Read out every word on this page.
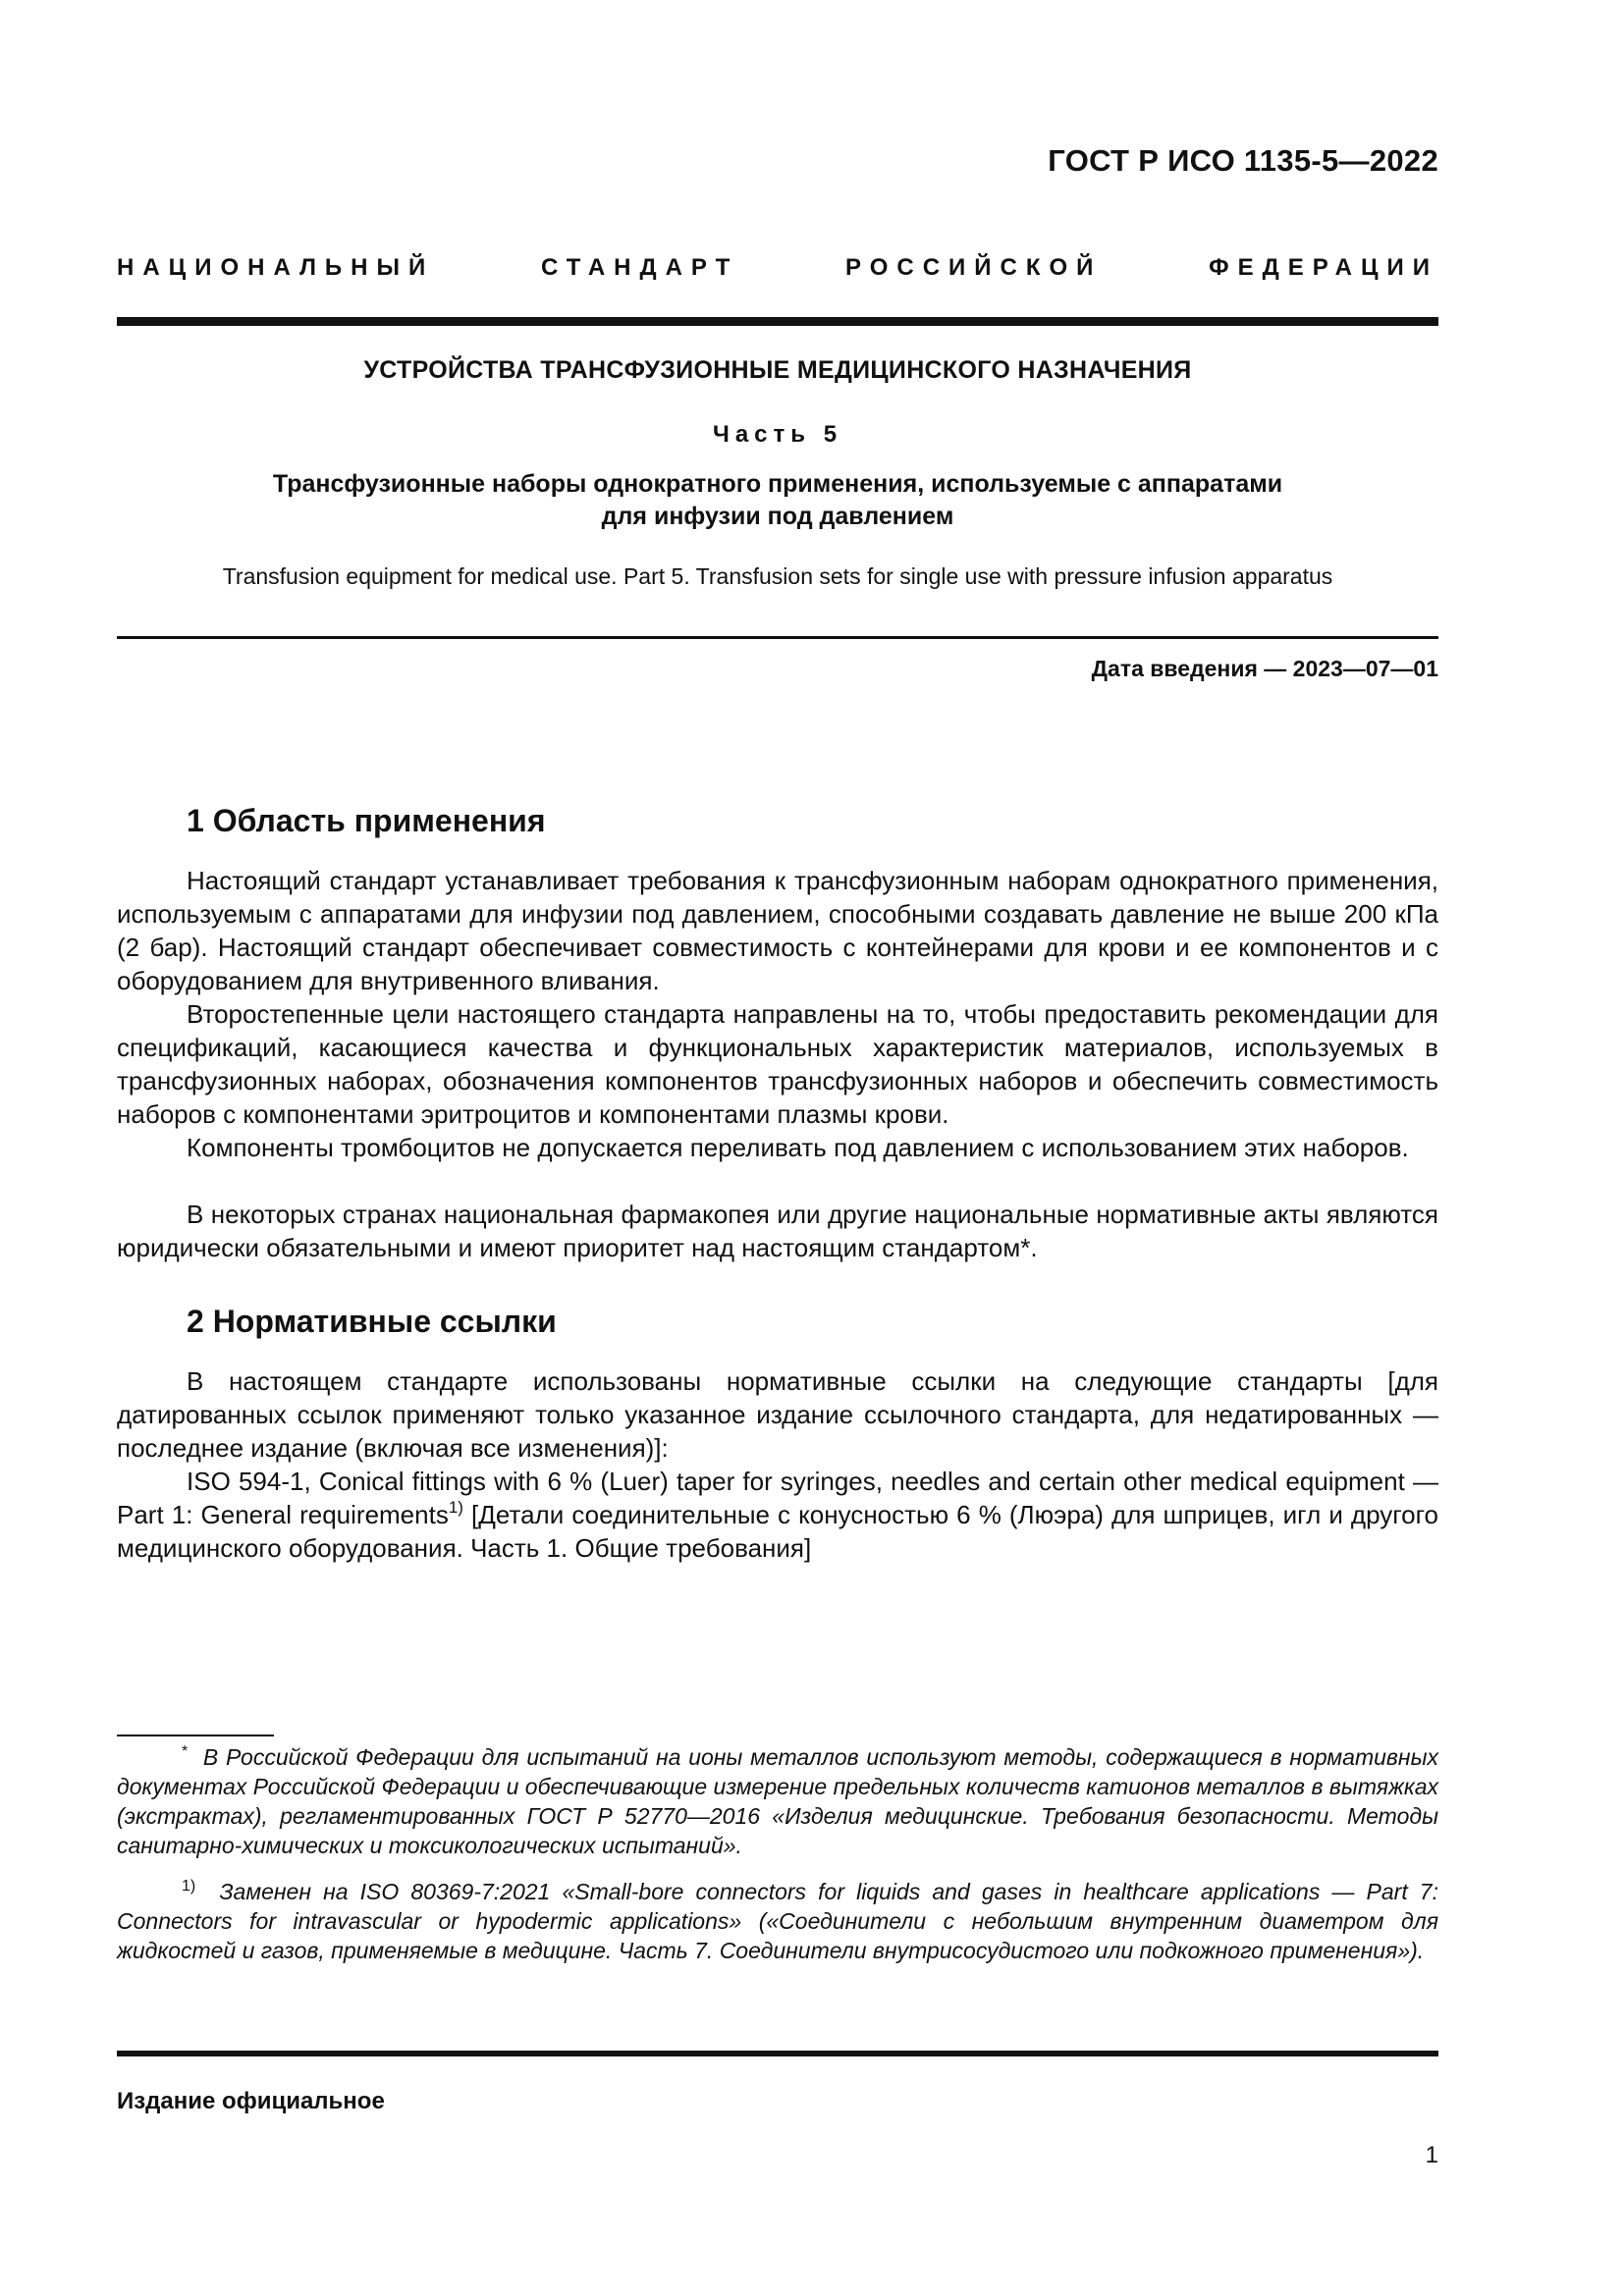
ГОСТ Р ИСО 1135-5—2022
НАЦИОНАЛЬНЫЙ СТАНДАРТ РОССИЙСКОЙ ФЕДЕРАЦИИ
УСТРОЙСТВА ТРАНСФУЗИОННЫЕ МЕДИЦИНСКОГО НАЗНАЧЕНИЯ
Часть 5
Трансфузионные наборы однократного применения, используемые с аппаратами
для инфузии под давлением
Transfusion equipment for medical use. Part 5. Transfusion sets for single use with pressure infusion apparatus
Дата введения — 2023—07—01
1 Область применения

Настоящий стандарт устанавливает требования к трансфузионным наборам однократного применения, используемым с аппаратами для инфузии под давлением, способными создавать давление не выше 200 кПа (2 бар). Настоящий стандарт обеспечивает совместимость с контейнерами для крови и ее компонентов и с оборудованием для внутривенного вливания.

Второстепенные цели настоящего стандарта направлены на то, чтобы предоставить рекомендации для спецификаций, касающиеся качества и функциональных характеристик материалов, используемых в трансфузионных наборах, обозначения компонентов трансфузионных наборов и обеспечить совместимость наборов с компонентами эритроцитов и компонентами плазмы крови.

Компоненты тромбоцитов не допускается переливать под давлением с использованием этих наборов.

В некоторых странах национальная фармакопея или другие национальные нормативные акты являются юридически обязательными и имеют приоритет над настоящим стандартом*.

2 Нормативные ссылки

В настоящем стандарте использованы нормативные ссылки на следующие стандарты [для датированных ссылок применяют только указанное издание ссылочного стандарта, для недатированных — последнее издание (включая все изменения)]:

ISO 594-1, Conical fittings with 6 % (Luer) taper for syringes, needles and certain other medical equipment — Part 1: General requirements$^{1)}$ [Детали соединительные с конусностью 6 % (Люэра) для шприцев, игл и другого медицинского оборудования. Часть 1. Общие требования]

* В Российской Федерации для испытаний на ионы металлов используют методы, содержащиеся в нормативных документах Российской Федерации и обеспечивающие измерение предельных количеств катионов металлов в вытяжках (экстрактах), регламентированных ГОСТ Р 52770—2016 «Изделия медицинские. Требования безопасности. Методы санитарно-химических и токсикологических испытаний».

$^{1)}$ Заменен на ISO 80369-7:2021 «Small-bore connectors for liquids and gases in healthcare applications — Part 7: Connectors for intravascular or hypodermic applications» («Соединители с небольшим внутренним диаметром для жидкостей и газов, применяемые в медицине. Часть 7. Соединители внутрисосудистого или подкожного применения»).

Издание официальное
1
